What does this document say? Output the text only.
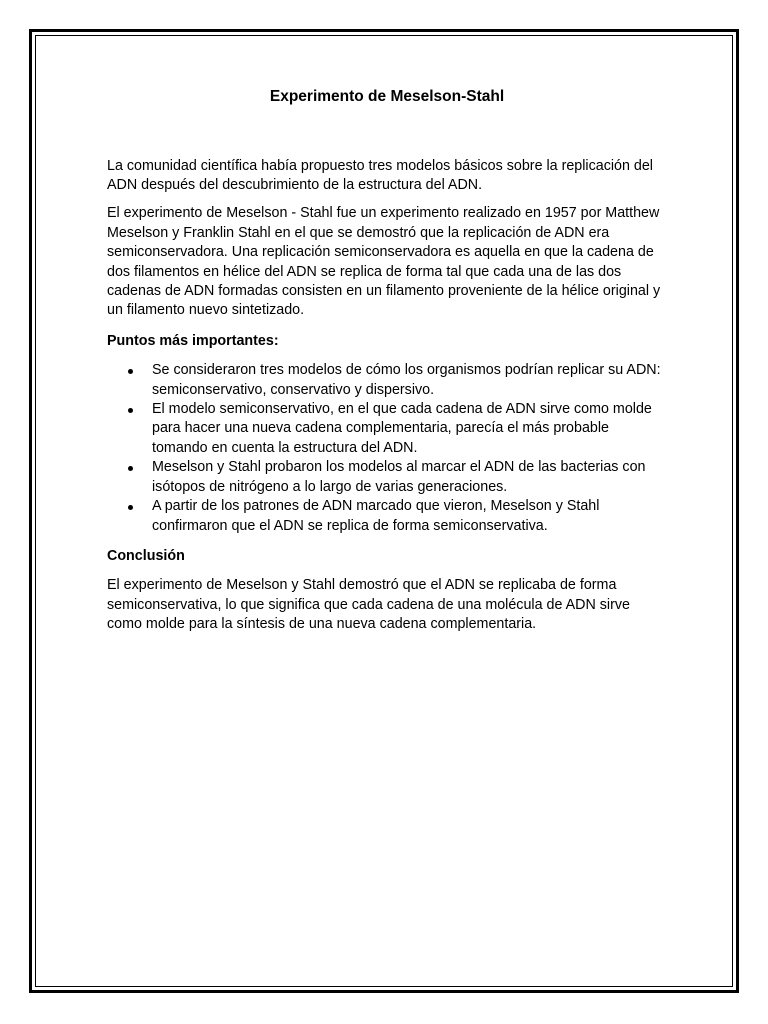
Experimento de Meselson-Stahl

La comunidad científica había propuesto tres modelos básicos sobre la replicación del ADN después del descubrimiento de la estructura del ADN.

El experimento de Meselson - Stahl fue un experimento realizado en 1957 por Matthew Meselson y Franklin Stahl en el que se demostró que la replicación de ADN era semiconservadora. Una replicación semiconservadora es aquella en que la cadena de dos filamentos en hélice del ADN se replica de forma tal que cada una de las dos cadenas de ADN formadas consisten en un filamento proveniente de la hélice original y un filamento nuevo sintetizado.

Puntos más importantes:
Se consideraron tres modelos de cómo los organismos podrían replicar su ADN: semiconservativo, conservativo y dispersivo.
El modelo semiconservativo, en el que cada cadena de ADN sirve como molde para hacer una nueva cadena complementaria, parecía el más probable tomando en cuenta la estructura del ADN.
Meselson y Stahl probaron los modelos al marcar el ADN de las bacterias con isótopos de nitrógeno a lo largo de varias generaciones.
A partir de los patrones de ADN marcado que vieron, Meselson y Stahl confirmaron que el ADN se replica de forma semiconservativa.
Conclusión

El experimento de Meselson y Stahl demostró que el ADN se replicaba de forma semiconservativa, lo que significa que cada cadena de una molécula de ADN sirve como molde para la síntesis de una nueva cadena complementaria.
